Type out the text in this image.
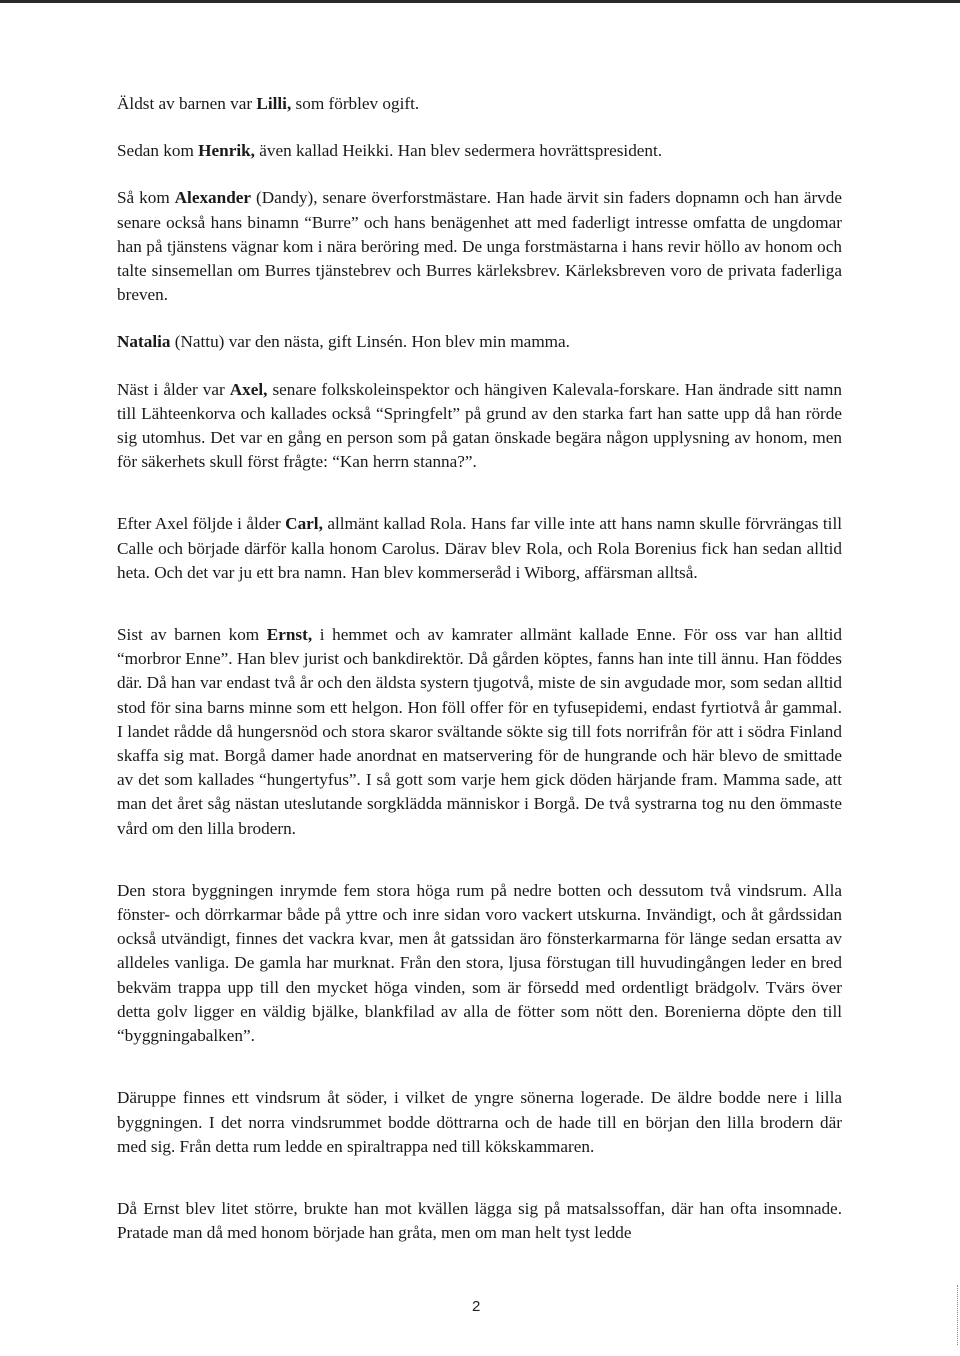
Äldst av barnen var Lilli, som förblev ogift.

Sedan kom Henrik, även kallad Heikki. Han blev sedermera hovrättspresident.

Så kom Alexander (Dandy), senare överforstmästare. Han hade ärvit sin faders dopnamn och han ärvde senare också hans binamn “Burre” och hans benägenhet att med faderligt intresse omfatta de ungdomar han på tjänstens vägnar kom i nära beröring med. De unga forstmästarna i hans revir höllo av honom och talte sinsemellan om Burres tjänstebrev och Burres kärleksbrev. Kärleksbreven voro de privata faderliga breven.

Natalia (Nattu) var den nästa, gift Linsén. Hon blev min mamma.

Näst i ålder var Axel, senare folkskoleinspektor och hängiven Kalevala-forskare. Han ändrade sitt namn till Lähteenkorva och kallades också “Springfelt” på grund av den starka fart han satte upp då han rörde sig utomhus. Det var en gång en person som på gatan önskade begära någon upplysning av honom, men för säkerhets skull först frågte: “Kan herrn stanna?”.

Efter Axel följde i ålder Carl, allmänt kallad Rola. Hans far ville inte att hans namn skulle förvrängas till Calle och började därför kalla honom Carolus. Därav blev Rola, och Rola Borenius fick han sedan alltid heta. Och det var ju ett bra namn. Han blev kommerseråd i Wiborg, affärsman alltså.

Sist av barnen kom Ernst, i hemmet och av kamrater allmänt kallade Enne. För oss var han alltid “morbror Enne”. Han blev jurist och bankdirektör. Då gården köptes, fanns han inte till ännu. Han föddes där. Då han var endast två år och den äldsta systern tjugotvå, miste de sin avgudade mor, som sedan alltid stod för sina barns minne som ett helgon. Hon föll offer för en tyfusepidemi, endast fyrtiotvå år gammal. I landet rådde då hungersnöd och stora skaror svältande sökte sig till fots norrifrån för att i södra Finland skaffa sig mat. Borgå damer hade anordnat en matservering för de hungrande och här blevo de smittade av det som kallades “hungertyfus”. I så gott som varje hem gick döden härjande fram. Mamma sade, att man det året såg nästan uteslutande sorgklädda människor i Borgå. De två systrarna tog nu den ömmaste vård om den lilla brodern.

Den stora byggningen inrymde fem stora höga rum på nedre botten och dessutom två vindsrum. Alla fönster- och dörrkarmar både på yttre och inre sidan voro vackert utskurna. Invändigt, och åt gårdssidan också utvändigt, finnes det vackra kvar, men åt gatssidan äro fönsterkarmarna för länge sedan ersatta av alldeles vanliga. De gamla har murknat. Från den stora, ljusa förstugan till huvudingången leder en bred bekväm trappa upp till den mycket höga vinden, som är försedd med ordentligt brädgolv. Tvärs över detta golv ligger en väldig bjälke, blankfilad av alla de fötter som nött den. Borenierna döpte den till “byggningabalken”.

Däruppe finnes ett vindsrum åt söder, i vilket de yngre sönerna logerade. De äldre bodde nere i lilla byggningen. I det norra vindsrummet bodde döttrarna och de hade till en början den lilla brodern där med sig. Från detta rum ledde en spiraltrappa ned till kökskammaren.

Då Ernst blev litet större, brukte han mot kvällen lägga sig på matsalssoffan, där han ofta insomnade. Pratade man då med honom började han gråta, men om man helt tyst ledde

2
